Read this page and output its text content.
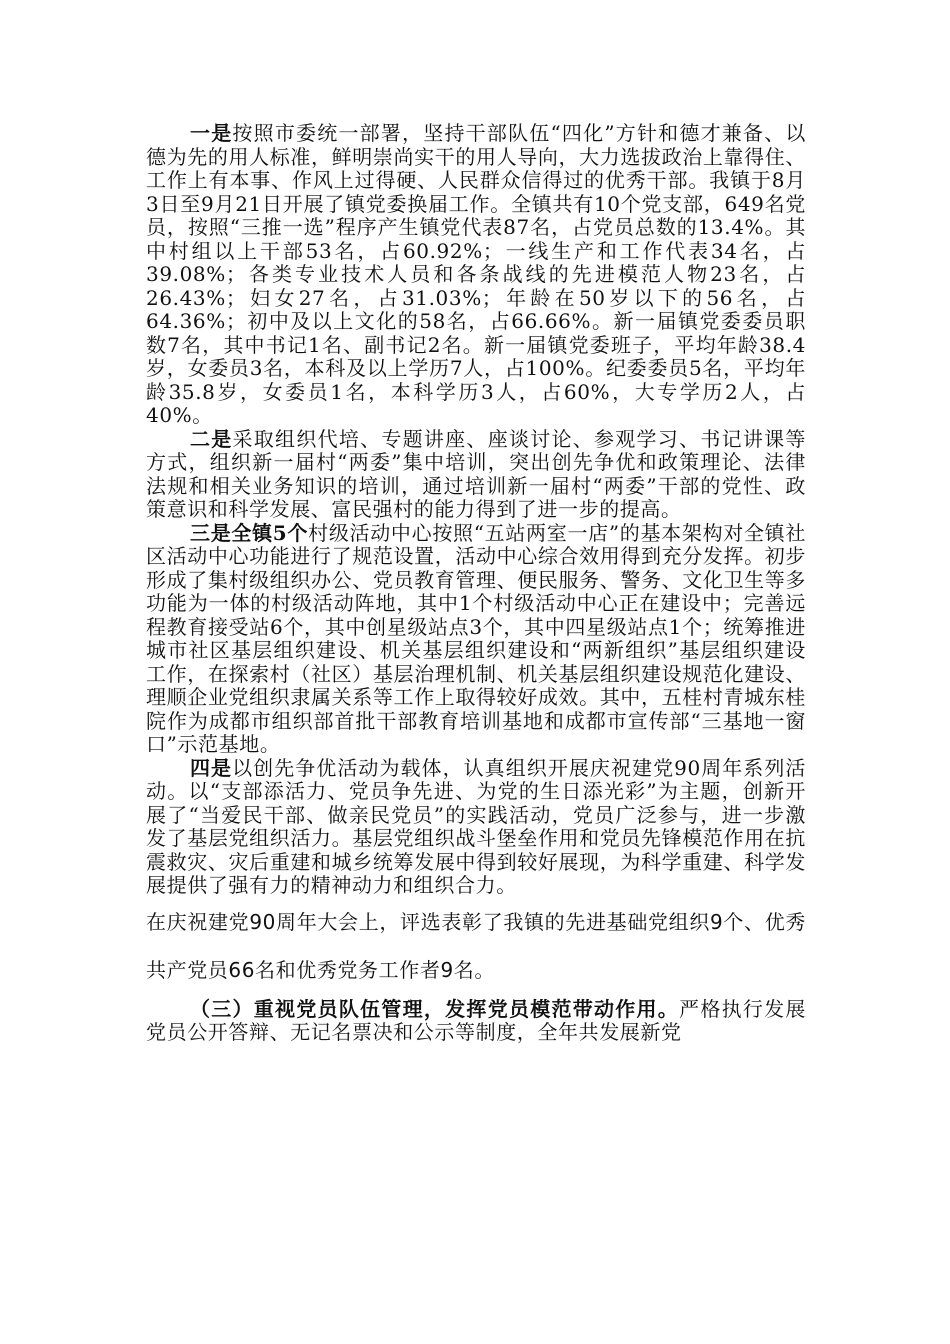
一是按照市委统一部署，坚持干部队伍“四化”方针和德才兼备、以德为先的用人标准，鲜明崇尚实干的用人导向，大力选拔政治上靠得住、工作上有本事、作风上过得硬、人民群众信得过的优秀干部。我镇于8月3日至9月21日开展了镇党委换届工作。全镇共有10个党支部，649名党员，按照“三推一选”程序产生镇党代表87名，占党员总数的13.4%。其中村组以上干部53名，占60.92%；一线生产和工作代表34名，占39.08%；各类专业技术人员和各条战线的先进模范人物23名，占26.43%；妇女27名，占31.03%；年龄在50岁以下的56名，占64.36%；初中及以上文化的58名，占66.66%。新一届镇党委委员职数7名，其中书记1名、副书记2名。新一届镇党委班子，平均年龄38.4岁，女委员3名，本科及以上学历7人，占100%。纪委委员5名，平均年龄35.8岁，女委员1名，本科学历3人，占60%，大专学历2人，占40%。

二是采取组织代培、专题讲座、座谈讨论、参观学习、书记讲课等方式，组织新一届村“两委”集中培训，突出创先争优和政策理论、法律法规和相关业务知识的培训，通过培训新一届村“两委”干部的党性、政策意识和科学发展、富民强村的能力得到了进一步的提高。

三是全镇5个村级活动中心按照“五站两室一店”的基本架构对全镇社区活动中心功能进行了规范设置，活动中心综合效用得到充分发挥。初步形成了集村级组织办公、党员教育管理、便民服务、警务、文化卫生等多功能为一体的村级活动阵地，其中1个村级活动中心正在建设中；完善远程教育接受站6个，其中创星级站点3个，其中四星级站点1个；统筹推进城市社区基层组织建设、机关基层组织建设和“两新组织”基层组织建设工作，在探索村（社区）基层治理机制、机关基层组织建设规范化建设、理顺企业党组织隶属关系等工作上取得较好成效。其中，五桂村青城东桂院作为成都市组织部首批干部教育培训基地和成都市宣传部“三基地一窗口”示范基地。

四是以创先争优活动为载体，认真组织开展庆祝建党90周年系列活动。以“支部添活力、党员争先进、为党的生日添光彩”为主题，创新开展了“当爱民干部、做亲民党员”的实践活动，党员广泛参与，进一步激发了基层党组织活力。基层党组织战斗堡垒作用和党员先锋模范作用在抗震救灾、灾后重建和城乡统筹发展中得到较好展现，为科学重建、科学发展提供了强有力的精神动力和组织合力。
在庆祝建党90周年大会上，评选表彰了我镇的先进基础党组织9个、优秀共产党员66名和优秀党务工作者9名。

（三）重视党员队伍管理，发挥党员模范带动作用。严格执行发展党员公开答辩、无记名票决和公示等制度，全年共发展新党
